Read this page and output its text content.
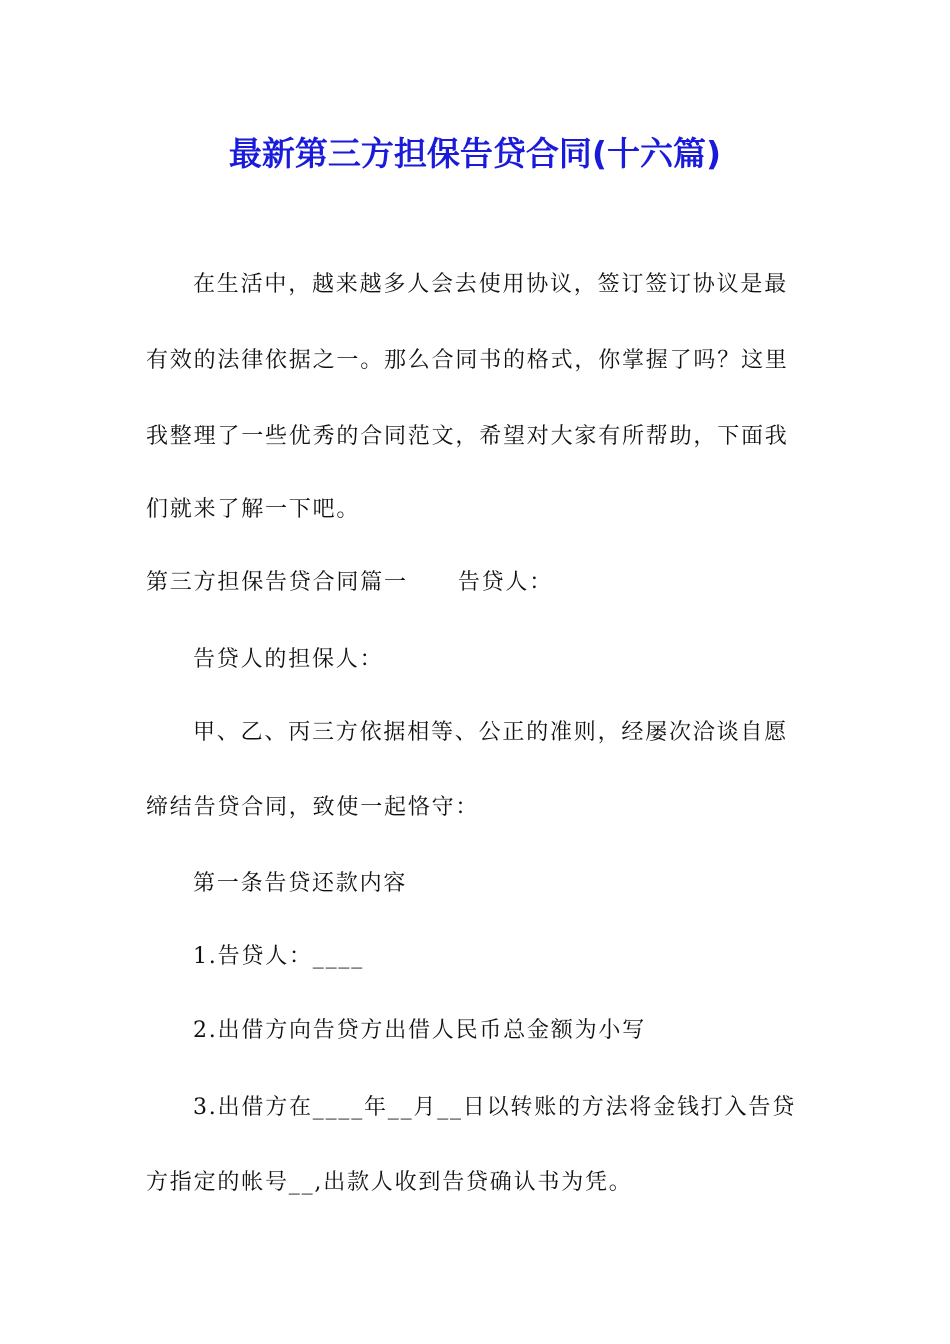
最新第三方担保告贷合同(十六篇)
在生活中，越来越多人会去使用协议，签订签订协议是最
有效的法律依据之一。那么合同书的格式，你掌握了吗？这里
我整理了一些优秀的合同范文，希望对大家有所帮助，下面我
们就来了解一下吧。
第三方担保告贷合同篇一 告贷人：
告贷人的担保人：
甲、乙、丙三方依据相等、公正的准则，经屡次洽谈自愿
缔结告贷合同，致使一起恪守：
第一条告贷还款内容
1.告贷人：____
2.出借方向告贷方出借人民币总金额为小写
3.出借方在____年__月__日以转账的方法将金钱打入告贷
方指定的帐号__,出款人收到告贷确认书为凭。
